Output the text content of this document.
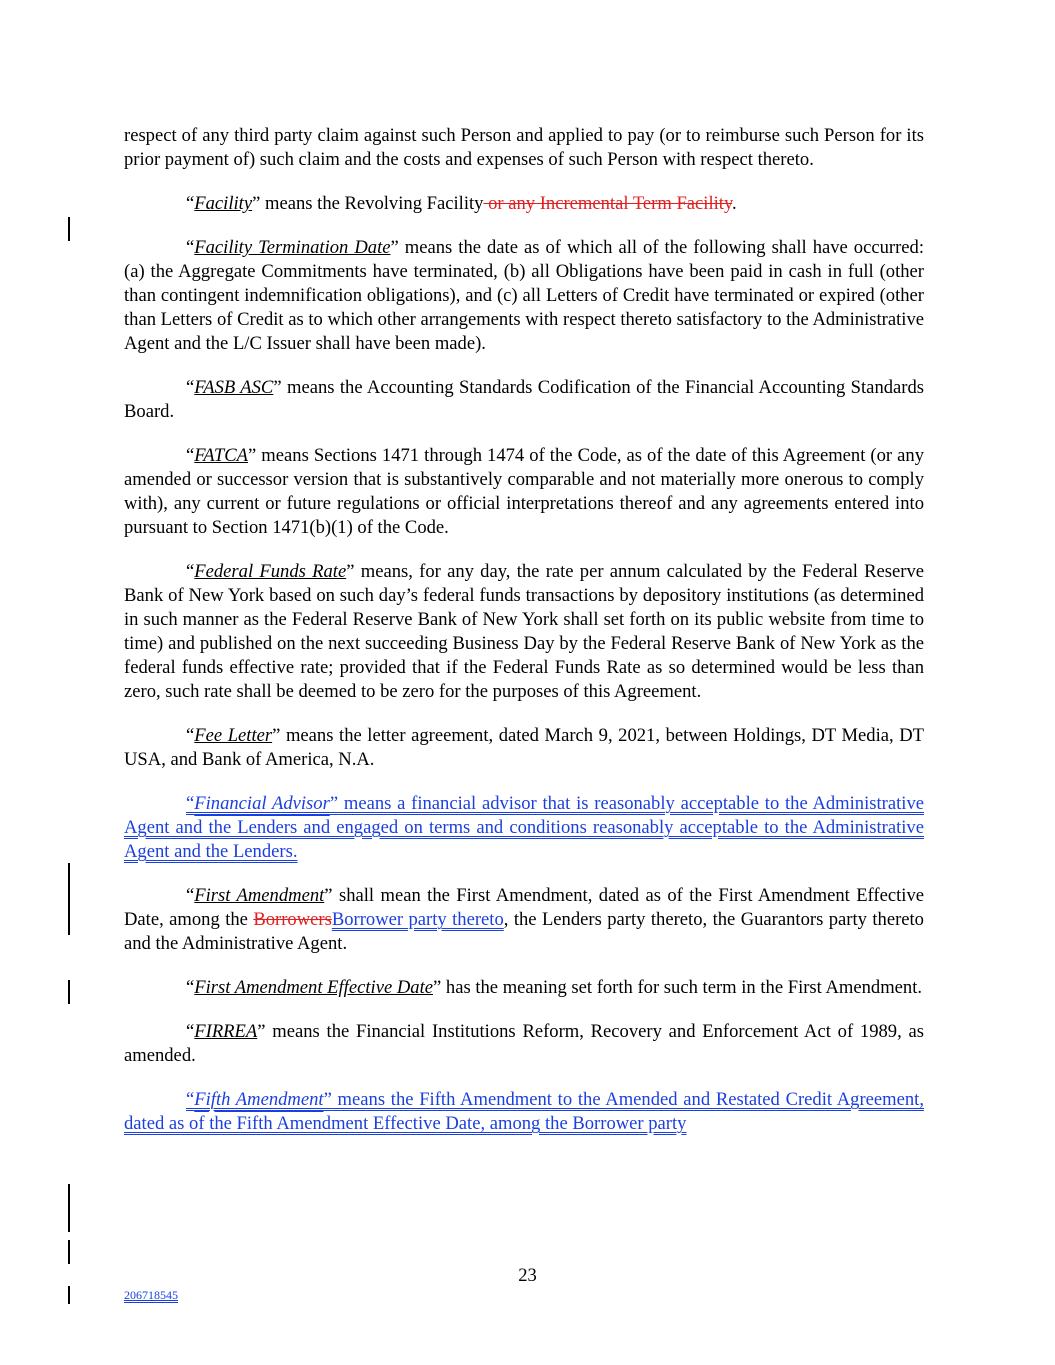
respect of any third party claim against such Person and applied to pay (or to reimburse such Person for its prior payment of) such claim and the costs and expenses of such Person with respect thereto.

“Facility” means the Revolving Facility or any Incremental Term Facility.

“Facility Termination Date” means the date as of which all of the following shall have occurred: (a) the Aggregate Commitments have terminated, (b) all Obligations have been paid in cash in full (other than contingent indemnification obligations), and (c) all Letters of Credit have terminated or expired (other than Letters of Credit as to which other arrangements with respect thereto satisfactory to the Administrative Agent and the L/C Issuer shall have been made).

“FASB ASC” means the Accounting Standards Codification of the Financial Accounting Standards Board.

“FATCA” means Sections 1471 through 1474 of the Code, as of the date of this Agreement (or any amended or successor version that is substantively comparable and not materially more onerous to comply with), any current or future regulations or official interpretations thereof and any agreements entered into pursuant to Section 1471(b)(1) of the Code.

“Federal Funds Rate” means, for any day, the rate per annum calculated by the Federal Reserve Bank of New York based on such day’s federal funds transactions by depository institutions (as determined in such manner as the Federal Reserve Bank of New York shall set forth on its public website from time to time) and published on the next succeeding Business Day by the Federal Reserve Bank of New York as the federal funds effective rate; provided that if the Federal Funds Rate as so determined would be less than zero, such rate shall be deemed to be zero for the purposes of this Agreement.

“Fee Letter” means the letter agreement, dated March 9, 2021, between Holdings, DT Media, DT USA, and Bank of America, N.A.

“Financial Advisor” means a financial advisor that is reasonably acceptable to the Administrative Agent and the Lenders and engaged on terms and conditions reasonably acceptable to the Administrative Agent and the Lenders.

“First Amendment” shall mean the First Amendment, dated as of the First Amendment Effective Date, among the BorrowersBorrower party thereto, the Lenders party thereto, the Guarantors party thereto and the Administrative Agent.

“First Amendment Effective Date” has the meaning set forth for such term in the First Amendment.

“FIRREA” means the Financial Institutions Reform, Recovery and Enforcement Act of 1989, as amended.

“Fifth Amendment” means the Fifth Amendment to the Amended and Restated Credit Agreement, dated as of the Fifth Amendment Effective Date, among the Borrower party

23
206718545
